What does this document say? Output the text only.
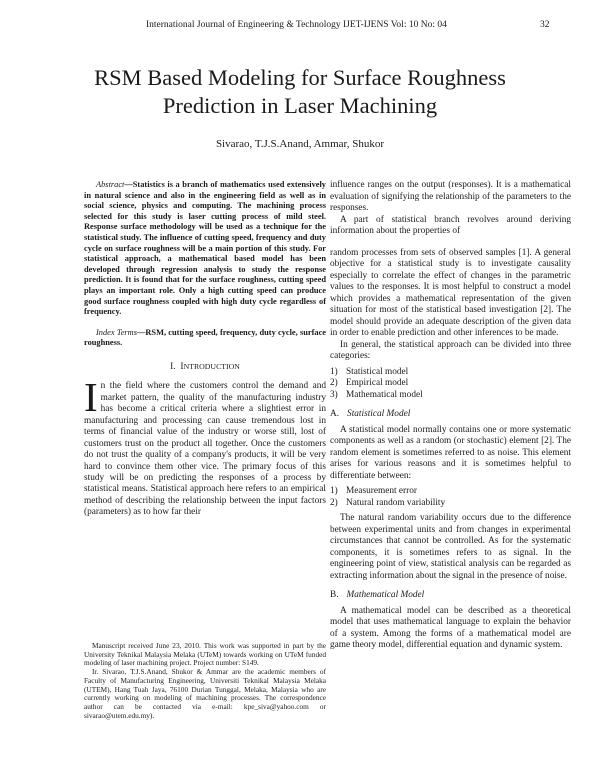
International Journal of Engineering & Technology IJET-IJENS Vol: 10 No: 04	32
RSM Based Modeling for Surface Roughness
Prediction in Laser Machining
Sivarao, T.J.S.Anand, Ammar, Shukor

Abstract—Statistics is a branch of mathematics used extensively in natural science and also in the engineering field as well as in social science, physics and computing. The machining process selected for this study is laser cutting process of mild steel. Response surface methodology will be used as a technique for the statistical study. The influence of cutting speed, frequency and duty cycle on surface roughness will be a main portion of this study. For statistical approach, a mathematical based model has been developed through regression analysis to study the response prediction. It is found that for the surface roughness, cutting speed plays an important role. Only a high cutting speed can produce good surface roughness coupled with high duty cycle regardless of frequency.

Index Terms—RSM, cutting speed, frequency, duty cycle, surface roughness.

I. INTRODUCTION

In the field where the customers control the demand and market pattern, the quality of the manufacturing industry has become a critical criteria where a slightiest error in manufacturing and processing can cause tremendous lost in terms of financial value of the industry or worse still, lost of customers trust on the product all together. Once the customers do not trust the quality of a company's products, it will be very hard to convince them other vice. The primary focus of this study will be on predicting the responses of a process by statistical means. Statistical approach here refers to an empirical method of describing the relationship between the input factors (parameters) as to how far their

Manuscript received June 23, 2010. This work was supported in part by the University Teknikal Malaysia Melaka (UTeM) towards working on UTeM funded modeling of laser machining project. Project number: S149.

Ir. Sivarao, T.J.S.Anand, Shukor & Ammar are the academic members of Faculty of Manufacturing Engineering, Universiti Teknikal Malaysia Melaka (UTEM), Hang Tuah Jaya, 76100 Durian Tunggal, Melaka, Malaysia who are currently working on modeling of machining processes. The correspondence author can be contacted via e-mail: kpe_siva@yahoo.com or sivarao@utem.edu.my).

influence ranges on the output (responses). It is a mathematical evaluation of signifying the relationship of the parameters to the responses.

A part of statistical branch revolves around deriving information about the properties of

random processes from sets of observed samples [1]. A general objective for a statistical study is to investigate causality especially to correlate the effect of changes in the parametric values to the responses. It is most helpful to construct a model which provides a mathematical representation of the given situation for most of the statistical based investigation [2]. The model should provide an adequate description of the given data in order to enable prediction and other inferences to be made.

In general, the statistical approach can be divided into three categories:

1) Statistical model
2) Empirical model
3) Mathematical model

A. Statistical Model

A statistical model normally contains one or more systematic components as well as a random (or stochastic) element [2]. The random element is sometimes referred to as noise. This element arises for various reasons and it is sometimes helpful to differentiate between:

1) Measurement error
2) Natural random variability

The natural random variability occurs due to the difference between experimental units and from changes in experimental circumstances that cannot be controlled. As for the systematic components, it is sometimes refers to as signal. In the engineering point of view, statistical analysis can be regarded as extracting information about the signal in the presence of noise.

B. Mathematical Model

A mathematical model can be described as a theoretical model that uses mathematical language to explain the behavior of a system. Among the forms of a mathematical model are game theory model, differential equation and dynamic system.
